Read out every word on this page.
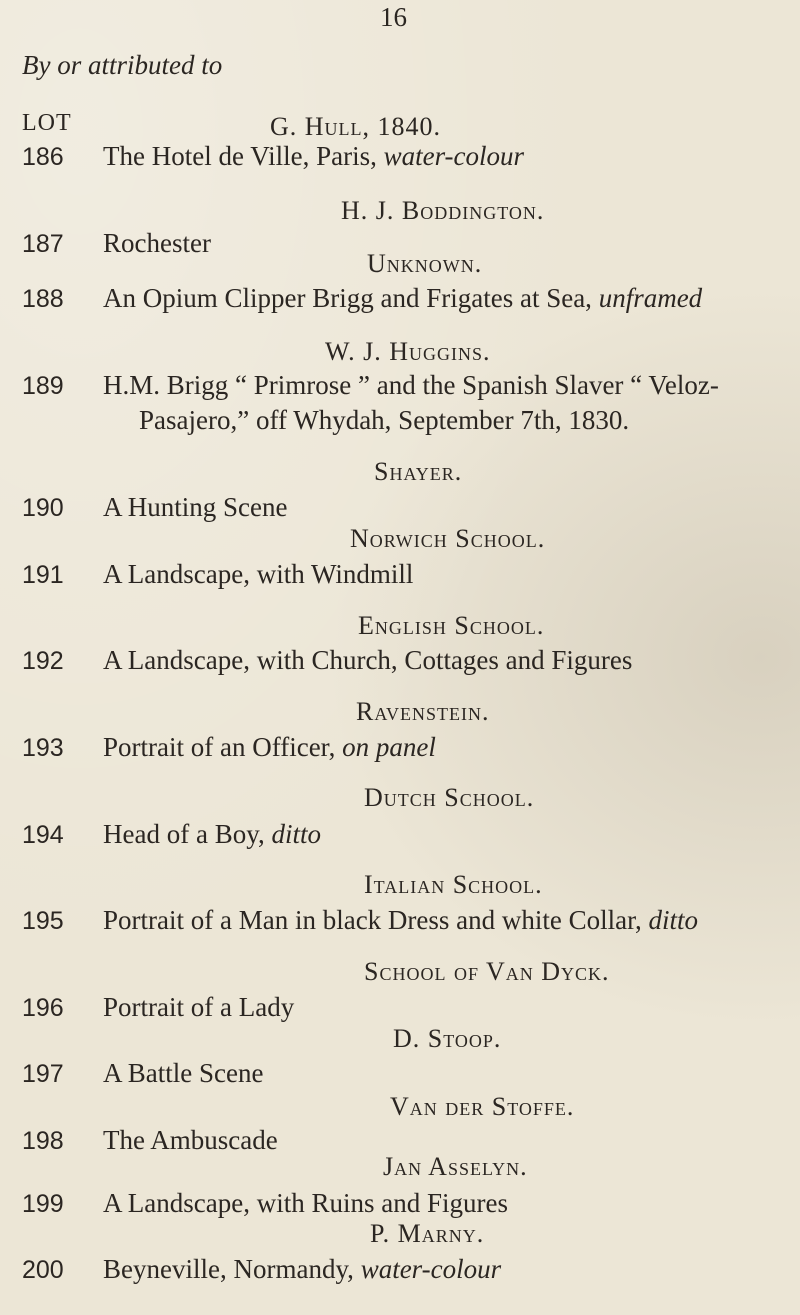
16
By or attributed to
LOT	G. Hull, 1840.
186 The Hotel de Ville, Paris, water-colour
H. J. Boddington.
187 Rochester
Unknown.
188 An Opium Clipper Brigg and Frigates at Sea, unframed
W. J. Huggins.
189 H.M. Brigg “ Primrose ” and the Spanish Slaver “ Veloz-
Pasajero,” off Whydah, September 7th, 1830.
Shayer.
190 A Hunting Scene
Norwich School.
191 A Landscape, with Windmill
English School.
192 A Landscape, with Church, Cottages and Figures
Ravenstein.
193 Portrait of an Officer, on panel
Dutch School.
194 Head of a Boy, ditto
Italian School.
195 Portrait of a Man in black Dress and white Collar, ditto
School of Van Dyck.
196 Portrait of a Lady
D. Stoop.
197 A Battle Scene
Van der Stoffe.
198 The Ambuscade
Jan Asselyn.
199 A Landscape, with Ruins and Figures
P. Marny.
200 Beyneville, Normandy, water-colour
